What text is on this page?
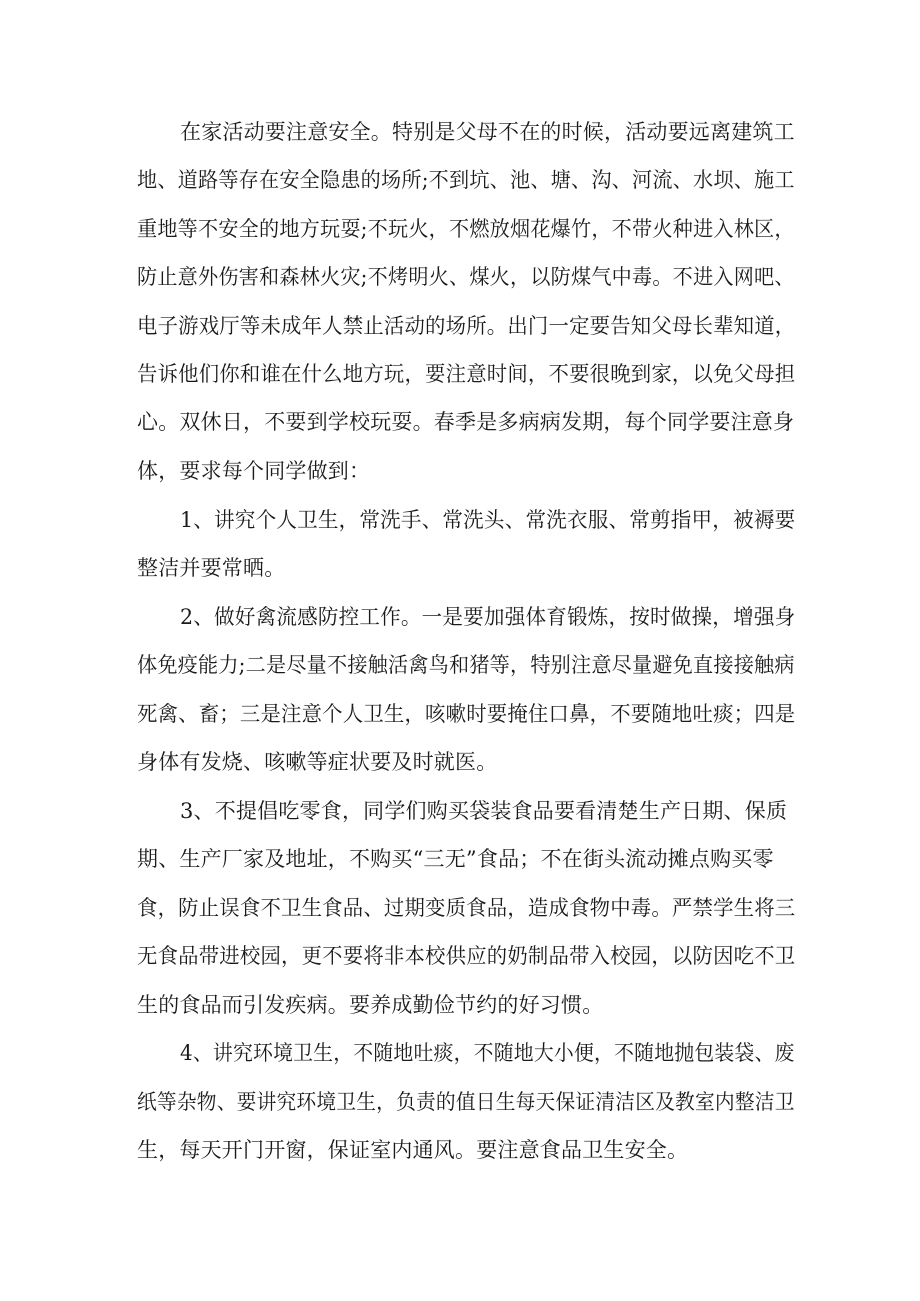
在家活动要注意安全。特别是父母不在的时候，活动要远离建筑工
地、道路等存在安全隐患的场所;不到坑、池、塘、沟、河流、水坝、施工
重地等不安全的地方玩耍;不玩火，不燃放烟花爆竹，不带火种进入林区，
防止意外伤害和森林火灾;不烤明火、煤火，以防煤气中毒。不进入网吧、
电子游戏厅等未成年人禁止活动的场所。出门一定要告知父母长辈知道，
告诉他们你和谁在什么地方玩，要注意时间，不要很晚到家，以免父母担
心。双休日，不要到学校玩耍。春季是多病病发期，每个同学要注意身
体，要求每个同学做到：
1、讲究个人卫生，常洗手、常洗头、常洗衣服、常剪指甲，被褥要
整洁并要常晒。
2、做好禽流感防控工作。一是要加强体育锻炼，按时做操，增强身
体免疫能力;二是尽量不接触活禽鸟和猪等，特别注意尽量避免直接接触病
死禽、畜；三是注意个人卫生，咳嗽时要掩住口鼻，不要随地吐痰；四是
身体有发烧、咳嗽等症状要及时就医。
3、不提倡吃零食，同学们购买袋装食品要看清楚生产日期、保质
期、生产厂家及地址，不购买“三无”食品；不在街头流动摊点购买零
食，防止误食不卫生食品、过期变质食品，造成食物中毒。严禁学生将三
无食品带进校园，更不要将非本校供应的奶制品带入校园，以防因吃不卫
生的食品而引发疾病。要养成勤俭节约的好习惯。
4、讲究环境卫生，不随地吐痰，不随地大小便，不随地抛包装袋、废
纸等杂物、要讲究环境卫生，负责的值日生每天保证清洁区及教室内整洁卫
生，每天开门开窗，保证室内通风。要注意食品卫生安全。
